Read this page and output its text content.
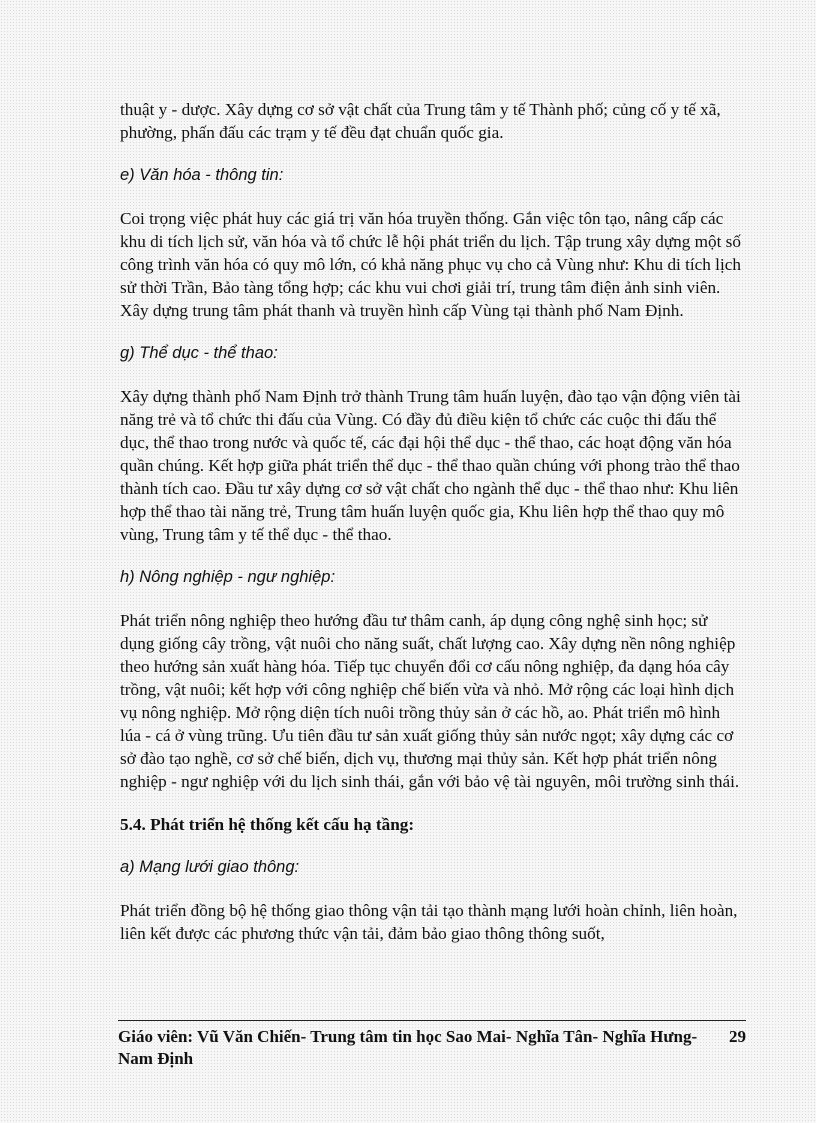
thuật y - dược. Xây dựng cơ sở vật chất của Trung tâm y tế Thành phố; củng cố y tế xã, phường, phấn đấu các trạm y tế đều đạt chuẩn quốc gia.

e) Văn hóa - thông tin:

Coi trọng việc phát huy các giá trị văn hóa truyền thống. Gắn việc tôn tạo, nâng cấp các khu di tích lịch sử, văn hóa và tổ chức lễ hội phát triển du lịch. Tập trung xây dựng một số công trình văn hóa có quy mô lớn, có khả năng phục vụ cho cả Vùng như: Khu di tích lịch sử thời Trần, Bảo tàng tổng hợp; các khu vui chơi giải trí, trung tâm điện ảnh sinh viên. Xây dựng trung tâm phát thanh và truyền hình cấp Vùng tại thành phố Nam Định.

g) Thể dục - thể thao:

Xây dựng thành phố Nam Định trở thành Trung tâm huấn luyện, đào tạo vận động viên tài năng trẻ và tổ chức thi đấu của Vùng. Có đầy đủ điều kiện tổ chức các cuộc thi đấu thể dục, thể thao trong nước và quốc tế, các đại hội thể dục - thể thao, các hoạt động văn hóa quần chúng. Kết hợp giữa phát triển thể dục - thể thao quần chúng với phong trào thể thao thành tích cao. Đầu tư xây dựng cơ sở vật chất cho ngành thể dục - thể thao như: Khu liên hợp thể thao tài năng trẻ, Trung tâm huấn luyện quốc gia, Khu liên hợp thể thao quy mô vùng, Trung tâm y tế thể dục - thể thao.

h) Nông nghiệp - ngư nghiệp:

Phát triển nông nghiệp theo hướng đầu tư thâm canh, áp dụng công nghệ sinh học; sử dụng giống cây trồng, vật nuôi cho năng suất, chất lượng cao. Xây dựng nền nông nghiệp theo hướng sản xuất hàng hóa. Tiếp tục chuyển đổi cơ cấu nông nghiệp, đa dạng hóa cây trồng, vật nuôi; kết hợp với công nghiệp chế biến vừa và nhỏ. Mở rộng các loại hình dịch vụ nông nghiệp. Mở rộng diện tích nuôi trồng thủy sản ở các hồ, ao. Phát triển mô hình lúa - cá ở vùng trũng. Ưu tiên đầu tư sản xuất giống thủy sản nước ngọt; xây dựng các cơ sở đào tạo nghề, cơ sở chế biến, dịch vụ, thương mại thủy sản. Kết hợp phát triển nông nghiệp - ngư nghiệp với du lịch sinh thái, gắn với bảo vệ tài nguyên, môi trường sinh thái.

5.4. Phát triển hệ thống kết cấu hạ tầng:

a) Mạng lưới giao thông:

Phát triển đồng bộ hệ thống giao thông vận tải tạo thành mạng lưới hoàn chỉnh, liên hoàn, liên kết được các phương thức vận tải, đảm bảo giao thông thông suốt,

Giáo viên: Vũ Văn Chiến- Trung tâm tin học Sao Mai- Nghĩa Tân- Nghĩa Hưng- Nam Định
29
